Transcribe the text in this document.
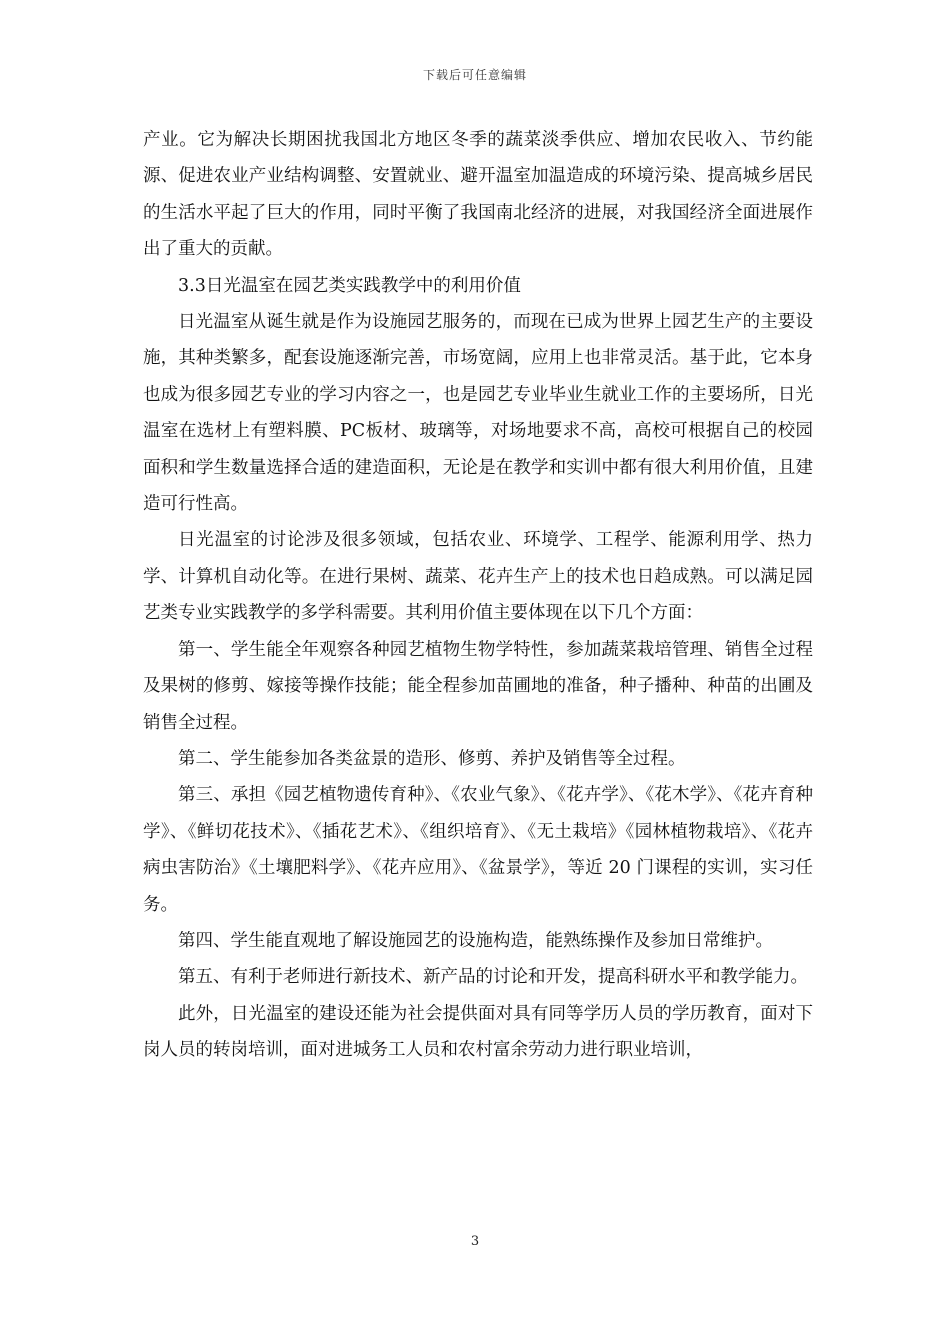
下载后可任意编辑

产业。它为解决长期困扰我国北方地区冬季的蔬菜淡季供应、增加农民收入、节约能源、促进农业产业结构调整、安置就业、避开温室加温造成的环境污染、提高城乡居民的生活水平起了巨大的作用，同时平衡了我国南北经济的进展，对我国经济全面进展作出了重大的贡献。

3.3日光温室在园艺类实践教学中的利用价值

日光温室从诞生就是作为设施园艺服务的，而现在已成为世界上园艺生产的主要设施，其种类繁多，配套设施逐渐完善，市场宽阔，应用上也非常灵活。基于此，它本身也成为很多园艺专业的学习内容之一，也是园艺专业毕业生就业工作的主要场所，日光温室在选材上有塑料膜、PC板材、玻璃等，对场地要求不高，高校可根据自己的校园面积和学生数量选择合适的建造面积，无论是在教学和实训中都有很大利用价值，且建造可行性高。

日光温室的讨论涉及很多领域，包括农业、环境学、工程学、能源利用学、热力学、计算机自动化等。在进行果树、蔬菜、花卉生产上的技术也日趋成熟。可以满足园艺类专业实践教学的多学科需要。其利用价值主要体现在以下几个方面：

第一、学生能全年观察各种园艺植物生物学特性，参加蔬菜栽培管理、销售全过程及果树的修剪、嫁接等操作技能；能全程参加苗圃地的准备，种子播种、种苗的出圃及销售全过程。

第二、学生能参加各类盆景的造形、修剪、养护及销售等全过程。

第三、承担《园艺植物遗传育种》、《农业气象》、《花卉学》、《花木学》、《花卉育种学》、《鲜切花技术》、《插花艺术》、《组织培育》、《无土栽培》《园林植物栽培》、《花卉病虫害防治》《土壤肥料学》、《花卉应用》、《盆景学》，等近 20 门课程的实训，实习任务。

第四、学生能直观地了解设施园艺的设施构造，能熟练操作及参加日常维护。

第五、有利于老师进行新技术、新产品的讨论和开发，提高科研水平和教学能力。

此外，日光温室的建设还能为社会提供面对具有同等学历人员的学历教育，面对下岗人员的转岗培训，面对进城务工人员和农村富余劳动力进行职业培训，

3
